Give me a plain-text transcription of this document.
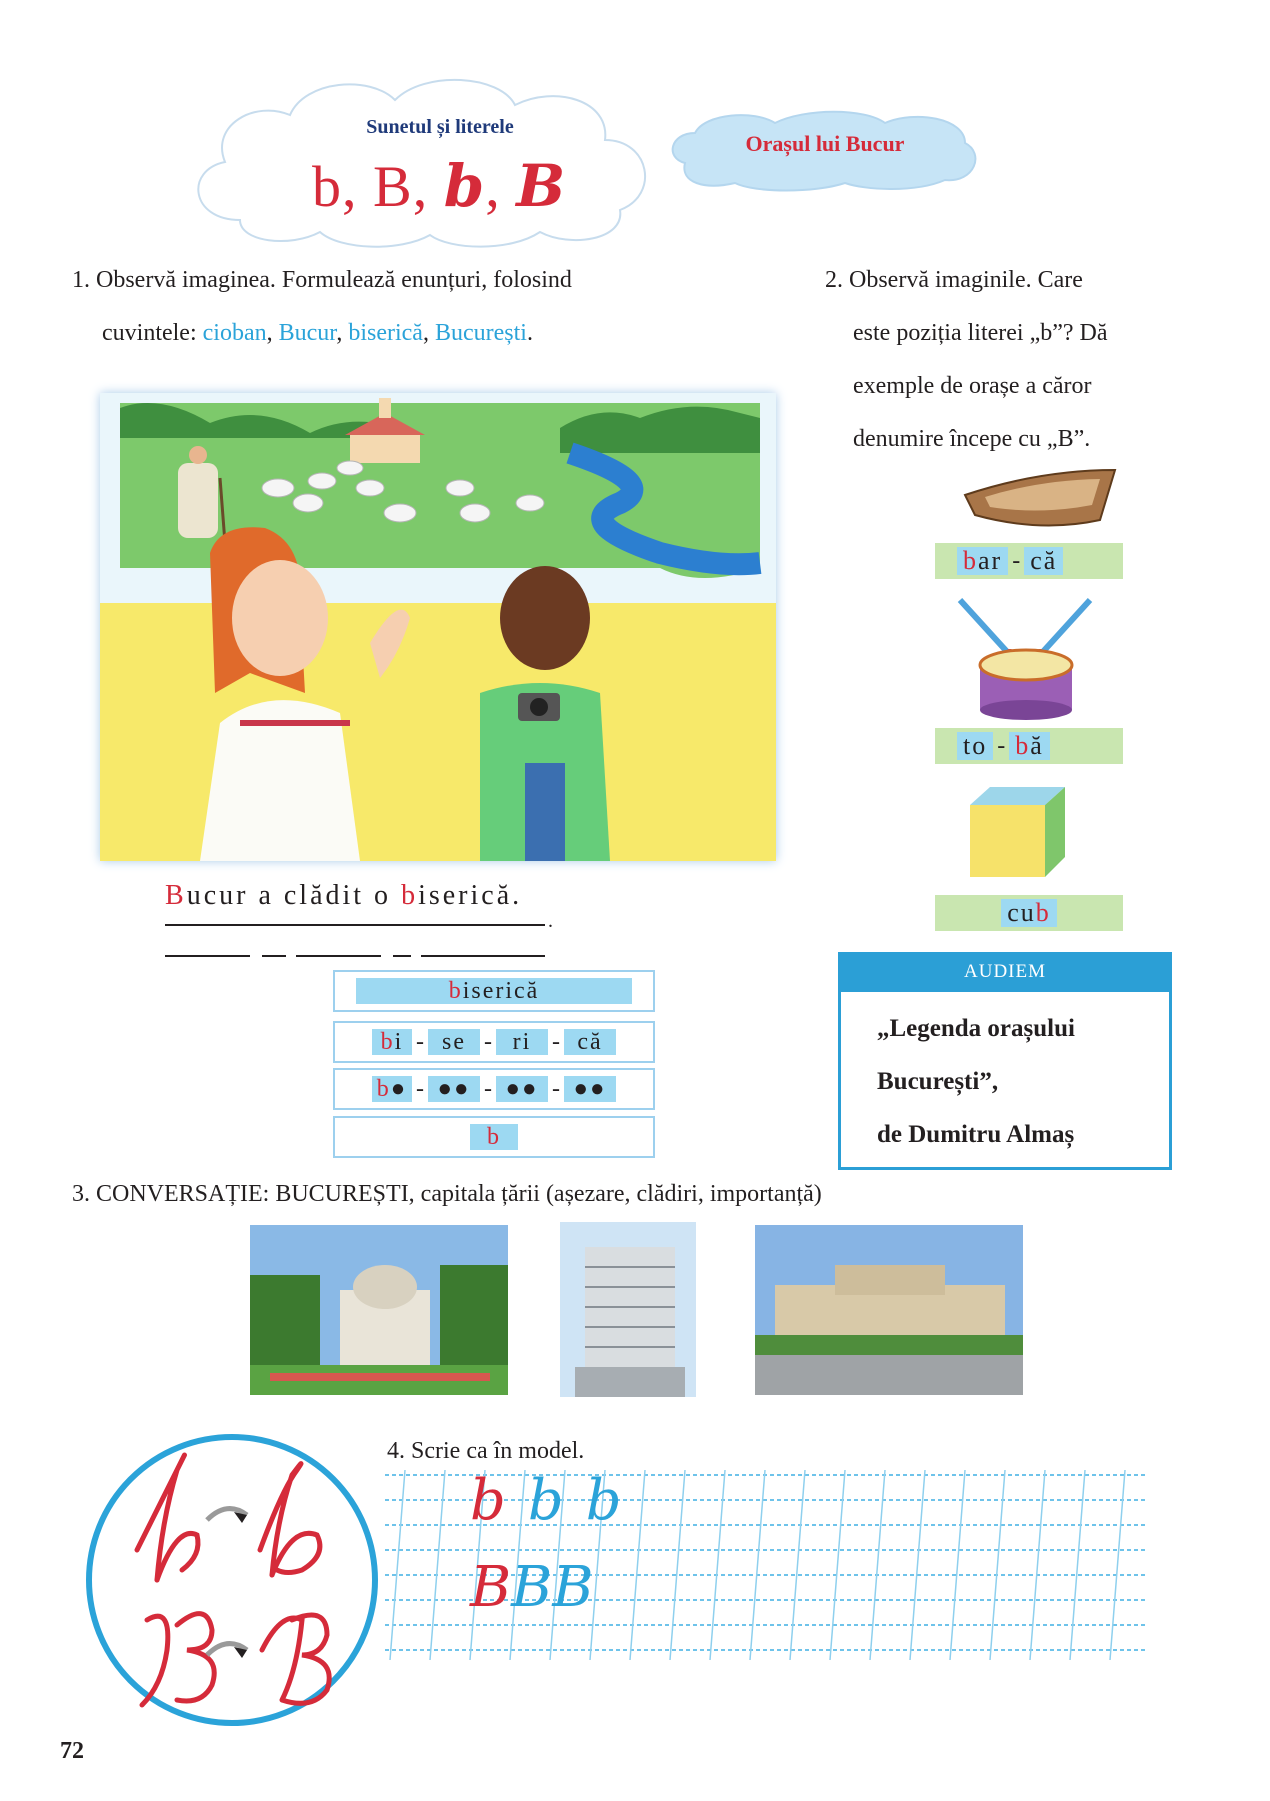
Sunetul și literele
b, B, b, B
Orașul lui Bucur
1. Observă imaginea. Formulează enunțuri, folosind
cuvintele: cioban, Bucur, biserică, București.
Bucur a clădit o biserică.
.
biserică
bi - se - ri - că
b● - ●● - ●● - ●●
b
2. Observă imaginile. Care
este poziția literei „b”? Dă
exemple de orașe a căror
denumire începe cu „B”.
bar - că
to - bă
cub
AUDIEM
„Legenda orașului
București”,
de Dumitru Almaș
3. CONVERSAȚIE: BUCUREȘTI, capitala țării (așezare, clădiri, importanță)
4. Scrie ca în model.
b b b
BBB
72
